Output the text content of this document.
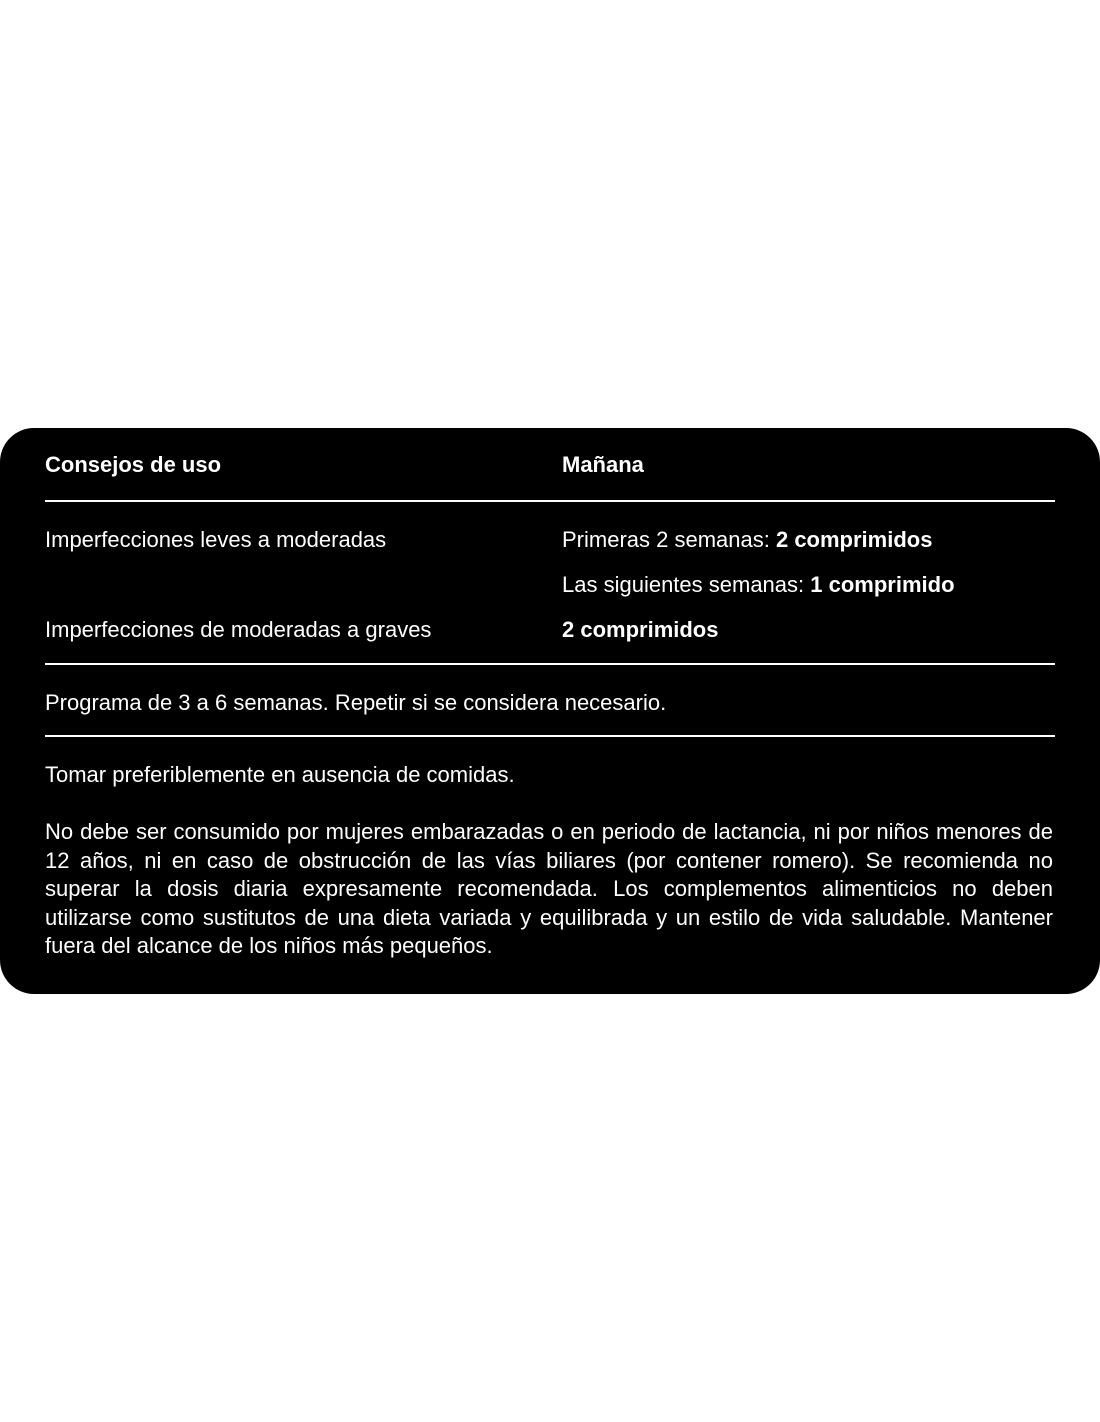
Consejos de uso	Mañana
Imperfecciones leves a moderadas	Primeras 2 semanas: 2 comprimidos
Las siguientes semanas: 1 comprimido
Imperfecciones de moderadas a graves	2 comprimidos
Programa de 3 a 6 semanas. Repetir si se considera necesario.
Tomar preferiblemente en ausencia de comidas.

No debe ser consumido por mujeres embarazadas o en periodo de lactancia, ni por niños menores de 12 años, ni en caso de obstrucción de las vías biliares (por contener romero). Se recomienda no superar la dosis diaria expresamente recomendada. Los complementos alimenticios no deben utilizarse como sustitutos de una dieta variada y equilibrada y un estilo de vida saludable. Mantener fuera del alcance de los niños más pequeños.
